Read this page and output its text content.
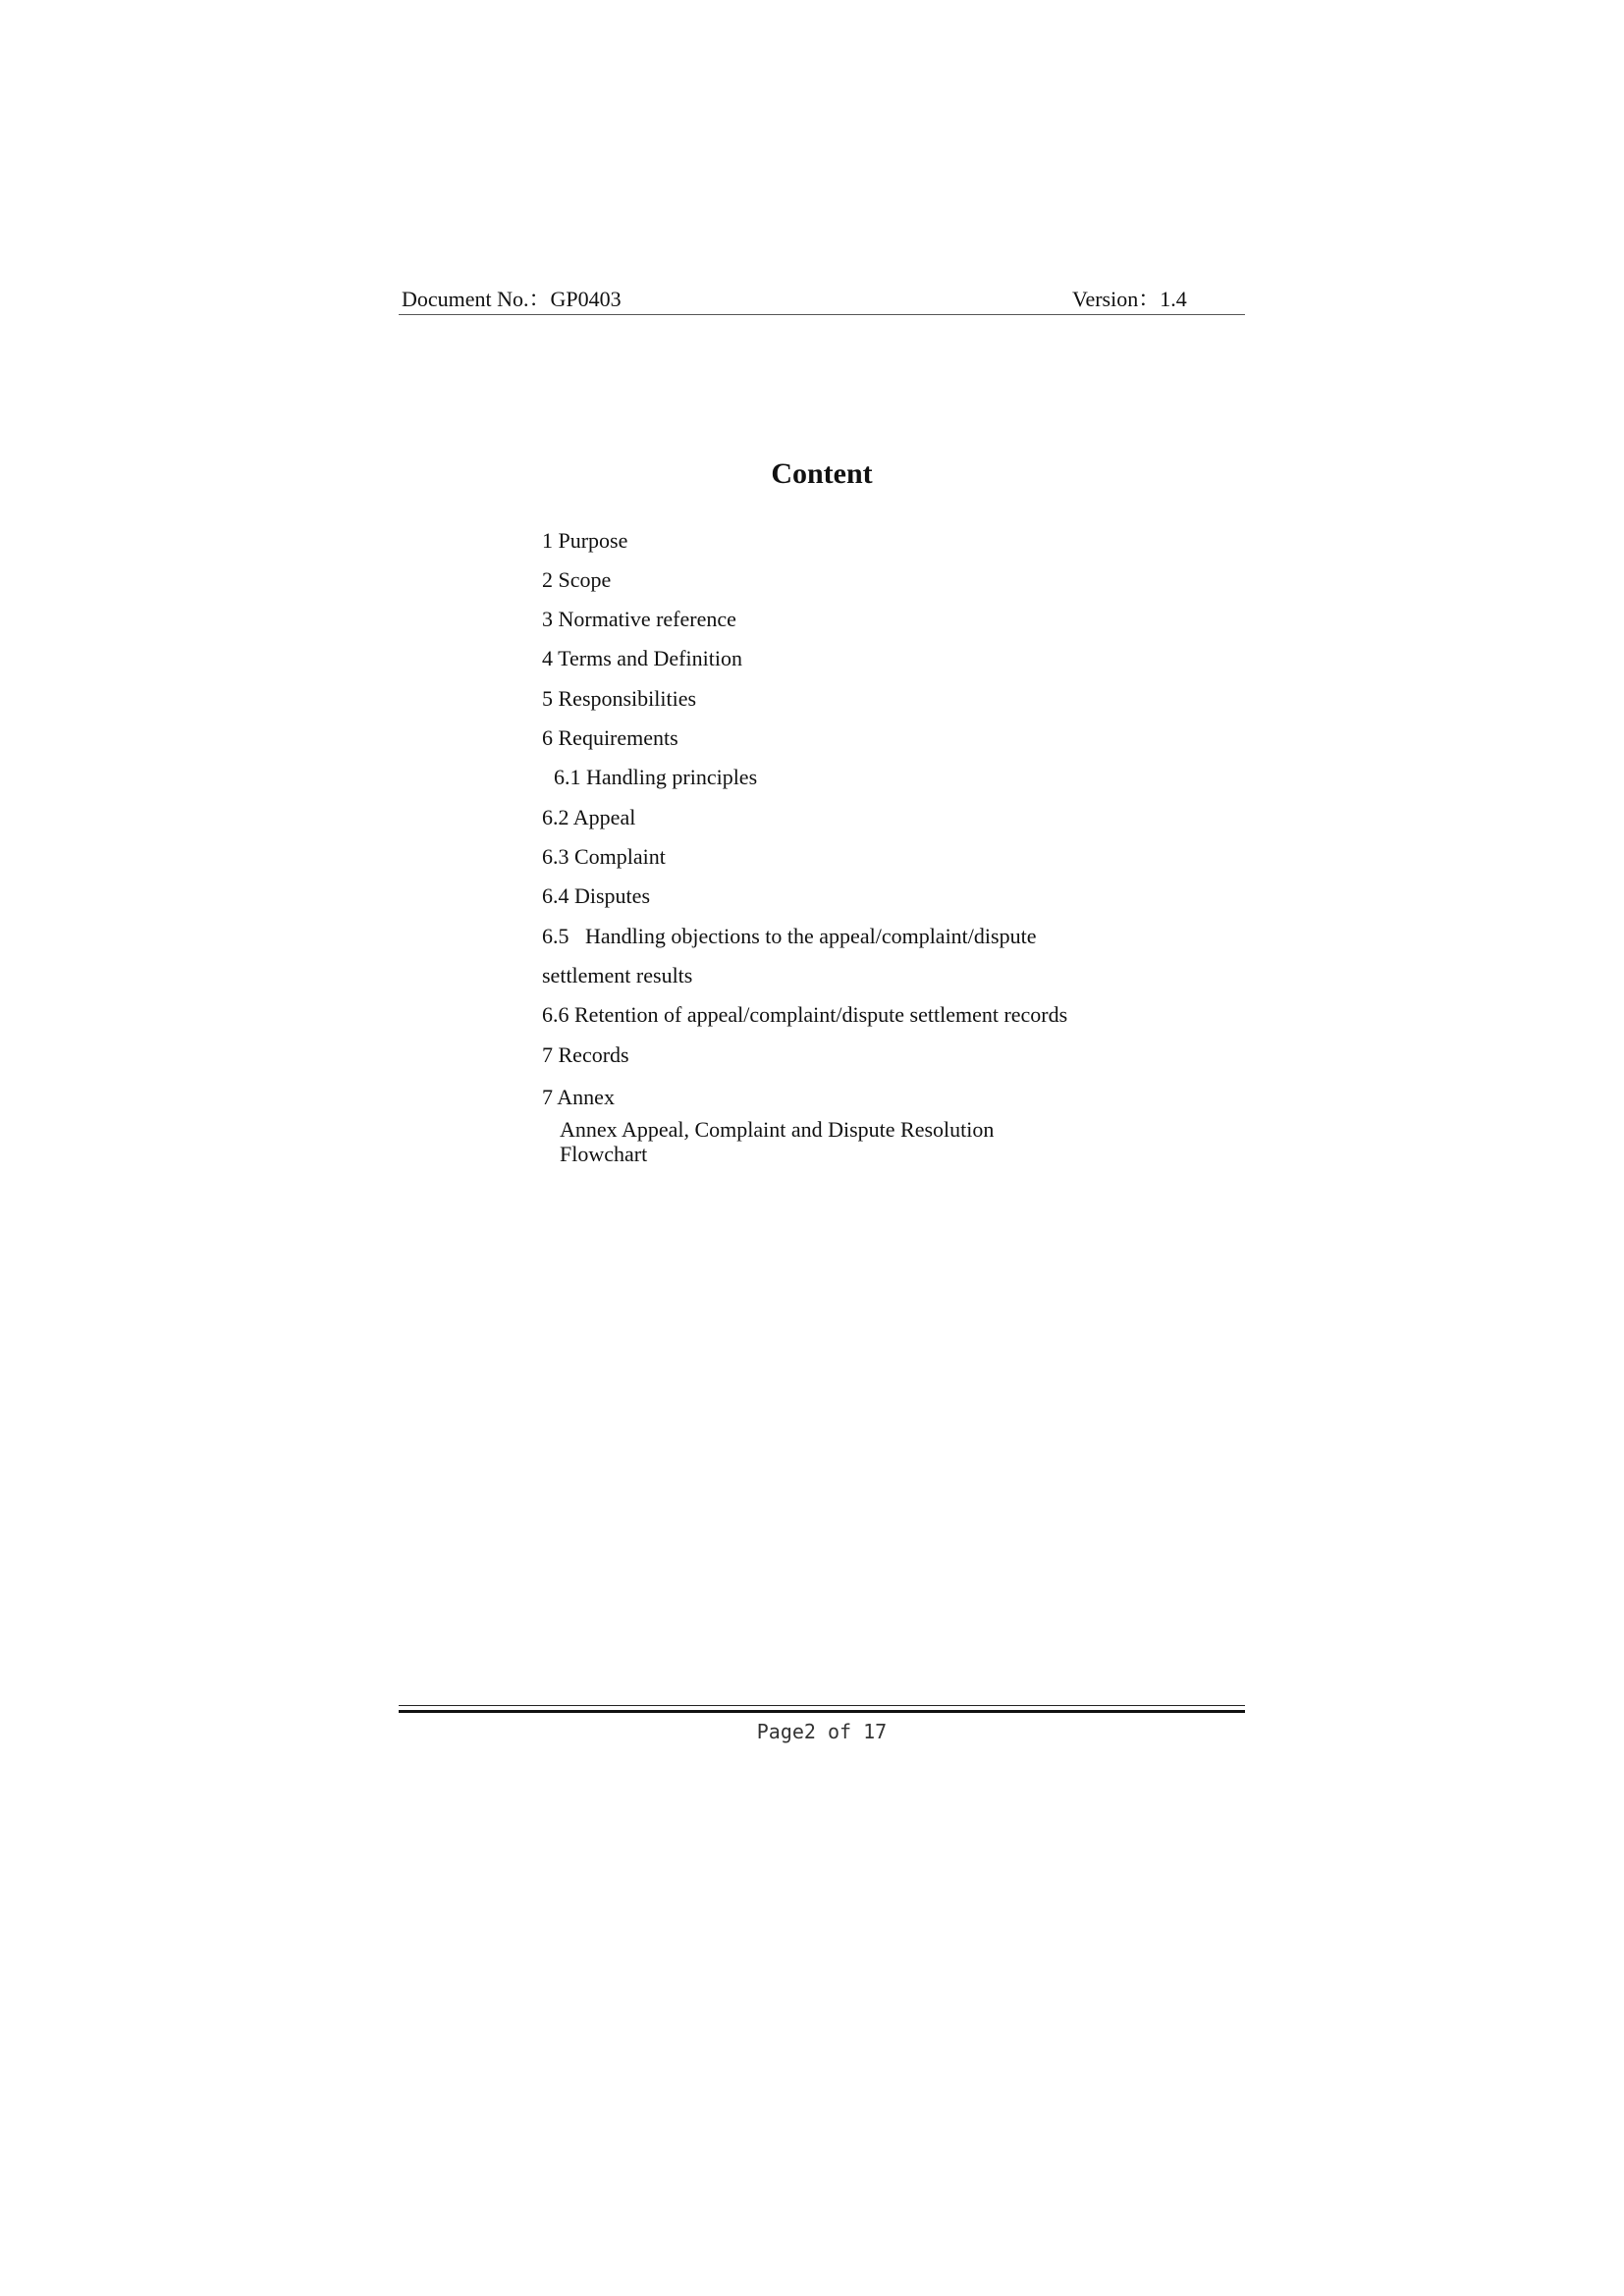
Document No.：GP0403	Version：1.4
Content
1 Purpose
2 Scope
3 Normative reference
4 Terms and Definition
5 Responsibilities
6 Requirements
6.1 Handling principles
6.2 Appeal
6.3 Complaint
6.4 Disputes
6.5   Handling objections to the appeal/complaint/dispute
settlement results
6.6 Retention of appeal/complaint/dispute settlement records
7 Records
7 Annex
Annex Appeal, Complaint and Dispute Resolution
Flowchart
Page2 of 17
